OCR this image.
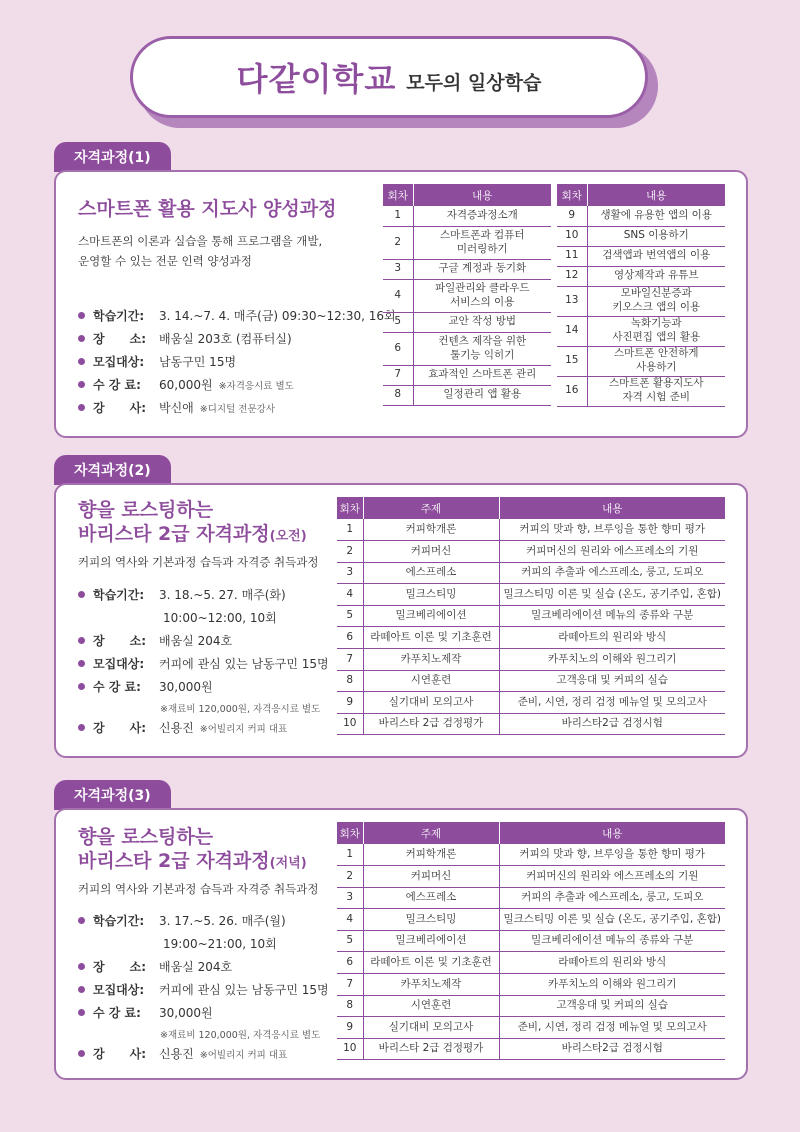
다같이학교 모두의 일상학습
자격과정(1)
스마트폰 활용 지도사 양성과정
스마트폰의 이론과 실습을 통해 프로그램을 개발,
운영할 수 있는 전문 인력 양성과정
학습기간:	3. 14.~7. 4. 매주(금) 09:30~12:30, 16회
장      소:	배움실 203호 (컴퓨터실)
모집대상:	남동구민 15명
수 강 료:	60,000원 ※자격응시료 별도
강      사:	박신애 ※디지털 전문강사
회차	내용
1	자격증과정소개
2	스마트폰과 컴퓨터
미러링하기
3	구글 계정과 동기화
4	파일관리와 클라우드
서비스의 이용
5	교안 작성 방법
6	컨텐츠 제작을 위한
툴기능 익히기
7	효과적인 스마트폰 관리
8	일정관리 앱 활용
회차	내용
9	생활에 유용한 앱의 이용
10	SNS 이용하기
11	검색앱과 번역앱의 이용
12	영상제작과 유튜브
13	모바일신분증과
키오스크 앱의 이용
14	녹화기능과
사진편집 앱의 활용
15	스마트폰 안전하게
사용하기
16	스마트폰 활용지도사
자격 시험 준비
자격과정(2)
향을 로스팅하는
바리스타 2급 자격과정(오전)
커피의 역사와 기본과정 습득과 자격증 취득과정
학습기간:	3. 18.~5. 27. 매주(화)
10:00~12:00, 10회
장      소:	배움실 204호
모집대상:	커피에 관심 있는 남동구민 15명
수 강 료:	30,000원
※재료비 120,000원, 자격응시료 별도
강      사:	신용진 ※어빌리지 커피 대표
회차	주제	내용
1	커피학개론	커피의 맛과 향, 브루잉을 통한 향미 평가
2	커피머신	커피머신의 원리와 에스프레소의 기원
3	에스프레소	커피의 추출과 에스프레소, 룽고, 도피오
4	밀크스티밍	밀크스티밍 이론 및 실습 (온도, 공기주입, 혼합)
5	밀크베리에이션	밀크베리에이션 메뉴의 종류와 구분
6	라떼아트 이론 및 기초훈련	라떼아트의 원리와 방식
7	카푸치노제작	카푸치노의 이해와 원그리기
8	시연훈련	고객응대 및 커피의 실습
9	실기대비 모의고사	준비, 시연, 정리 검정 메뉴얼 및 모의고사
10	바리스타 2급 검정평가	바리스타2급 검정시험
자격과정(3)
향을 로스팅하는
바리스타 2급 자격과정(저녁)
커피의 역사와 기본과정 습득과 자격증 취득과정
학습기간:	3. 17.~5. 26. 매주(월)
19:00~21:00, 10회
장      소:	배움실 204호
모집대상:	커피에 관심 있는 남동구민 15명
수 강 료:	30,000원
※재료비 120,000원, 자격응시료 별도
강      사:	신용진 ※어빌리지 커피 대표
회차	주제	내용
1	커피학개론	커피의 맛과 향, 브루잉을 통한 향미 평가
2	커피머신	커피머신의 원리와 에스프레소의 기원
3	에스프레소	커피의 추출과 에스프레소, 룽고, 도피오
4	밀크스티밍	밀크스티밍 이론 및 실습 (온도, 공기주입, 혼합)
5	밀크베리에이션	밀크베리에이션 메뉴의 종류와 구분
6	라떼아트 이론 및 기초훈련	라떼아트의 원리와 방식
7	카푸치노제작	카푸치노의 이해와 원그리기
8	시연훈련	고객응대 및 커피의 실습
9	실기대비 모의고사	준비, 시연, 정리 검정 메뉴얼 및 모의고사
10	바리스타 2급 검정평가	바리스타2급 검정시험
